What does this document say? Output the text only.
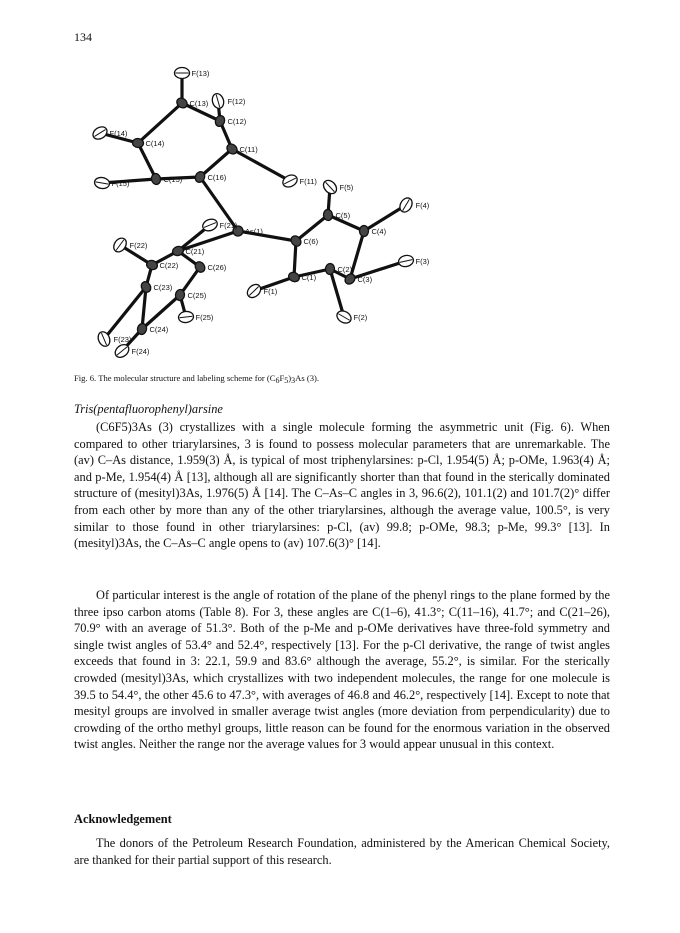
134
F(13)
C(13)	F(12)
C(12)
F(14)
C(14)
C(11)
C(15)	C(16)	F(11)
F(15)	F(5)
C(5)
F(4)
F(21)
As(1)
C(6)
C(4)
F(22)
C(21)
C(22)	C(26)	C(2)
C(3)
F(3)
C(1)
C(23)
C(25)	F(1)
F(25)	F(2)
F(23)
C(24)
F(24)
Fig. 6. The molecular structure and labeling scheme for $(C_6F_5)_3As$ (3).
Tris(pentafluorophenyl)arsine

(C6F5)3As (3) crystallizes with a single molecule forming the asymmetric unit (Fig. 6). When compared to other triarylarsines, 3 is found to possess molecular parameters that are unremarkable. The (av) C–As distance, 1.959(3) Å, is typical of most triphenylarsines: p-Cl, 1.954(5) Å; p-OMe, 1.963(4) Å; and p-Me, 1.954(4) Å [13], although all are significantly shorter than that found in the sterically dominated structure of (mesityl)3As, 1.976(5) Å [14]. The C–As–C angles in 3, 96.6(2), 101.1(2) and 101.7(2)° differ from each other by more than any of the other triarylarsines, although the average value, 100.5°, is very similar to those found in other triarylarsines: p-Cl, (av) 99.8; p-OMe, 98.3; p-Me, 99.3° [13]. In (mesityl)3As, the C–As–C angle opens to (av) 107.6(3)° [14].

Of particular interest is the angle of rotation of the plane of the phenyl rings to the plane formed by the three ipso carbon atoms (Table 8). For 3, these angles are C(1–6), 41.3°; C(11–16), 41.7°; and C(21–26), 70.9° with an average of 51.3°. Both of the p-Me and p-OMe derivatives have three-fold symmetry and single twist angles of 53.4° and 52.4°, respectively [13]. For the p-Cl derivative, the range of twist angles exceeds that found in 3: 22.1, 59.9 and 83.6° although the average, 55.2°, is similar. For the sterically crowded (mesityl)3As, which crystallizes with two independent molecules, the range for one molecule is 39.5 to 54.4°, the other 45.6 to 47.3°, with averages of 46.8 and 46.2°, respectively [14]. Except to note that mesityl groups are involved in smaller average twist angles (more deviation from perpendicularity) due to crowding of the ortho methyl groups, little reason can be found for the enormous variation in the observed twist angles. Neither the range nor the average values for 3 would appear unusual in this context.

Acknowledgement

The donors of the Petroleum Research Foundation, administered by the American Chemical Society, are thanked for their partial support of this research.
